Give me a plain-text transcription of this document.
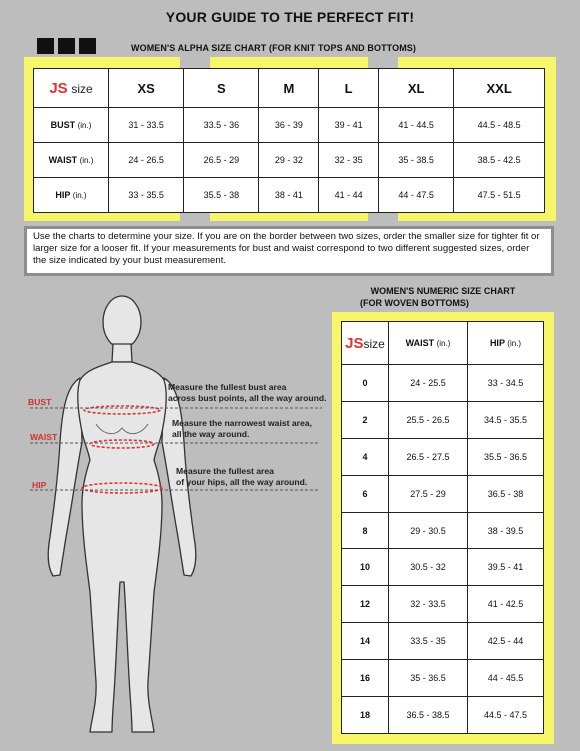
YOUR GUIDE TO THE PERFECT FIT!
WOMEN'S ALPHA SIZE CHART (FOR KNIT TOPS AND BOTTOMS)
JS size	XS	S	M	L	XL	XXL
BUST (in.)	31 - 33.5	33.5 - 36	36 - 39	39 - 41	41 - 44.5	44.5 - 48.5
WAIST (in.)	24 - 26.5	26.5 - 29	29 - 32	32 - 35	35 - 38.5	38.5 - 42.5
HIP (in.)	33 - 35.5	35.5 - 38	38 - 41	41 - 44	44 - 47.5	47.5 - 51.5
Use the charts to determine your size. If you are on the border between two sizes, order the smaller size for tighter fit or larger size for a looser fit. If your measurements for bust and waist correspond to two different suggested sizes, order the size indicated by your bust measurement.
WOMEN'S NUMERIC SIZE CHART
(FOR WOVEN BOTTOMS)
JSsize	WAIST (in.)	HIP (in.)
0	24 - 25.5	33 - 34.5
2	25.5 - 26.5	34.5 - 35.5
4	26.5 - 27.5	35.5 - 36.5
6	27.5 - 29	36.5 - 38
8	29 - 30.5	38 - 39.5
10	30.5 - 32	39.5 - 41
12	32 - 33.5	41 - 42.5
14	33.5 - 35	42.5 - 44
16	35 - 36.5	44 - 45.5
18	36.5 - 38.5	44.5 - 47.5
BUST
WAIST
HIP
Measure the fullest bust area
across bust points, all the way around.
Measure the narrowest waist area,
all the way around.
Measure the fullest area
of your hips, all the way around.
